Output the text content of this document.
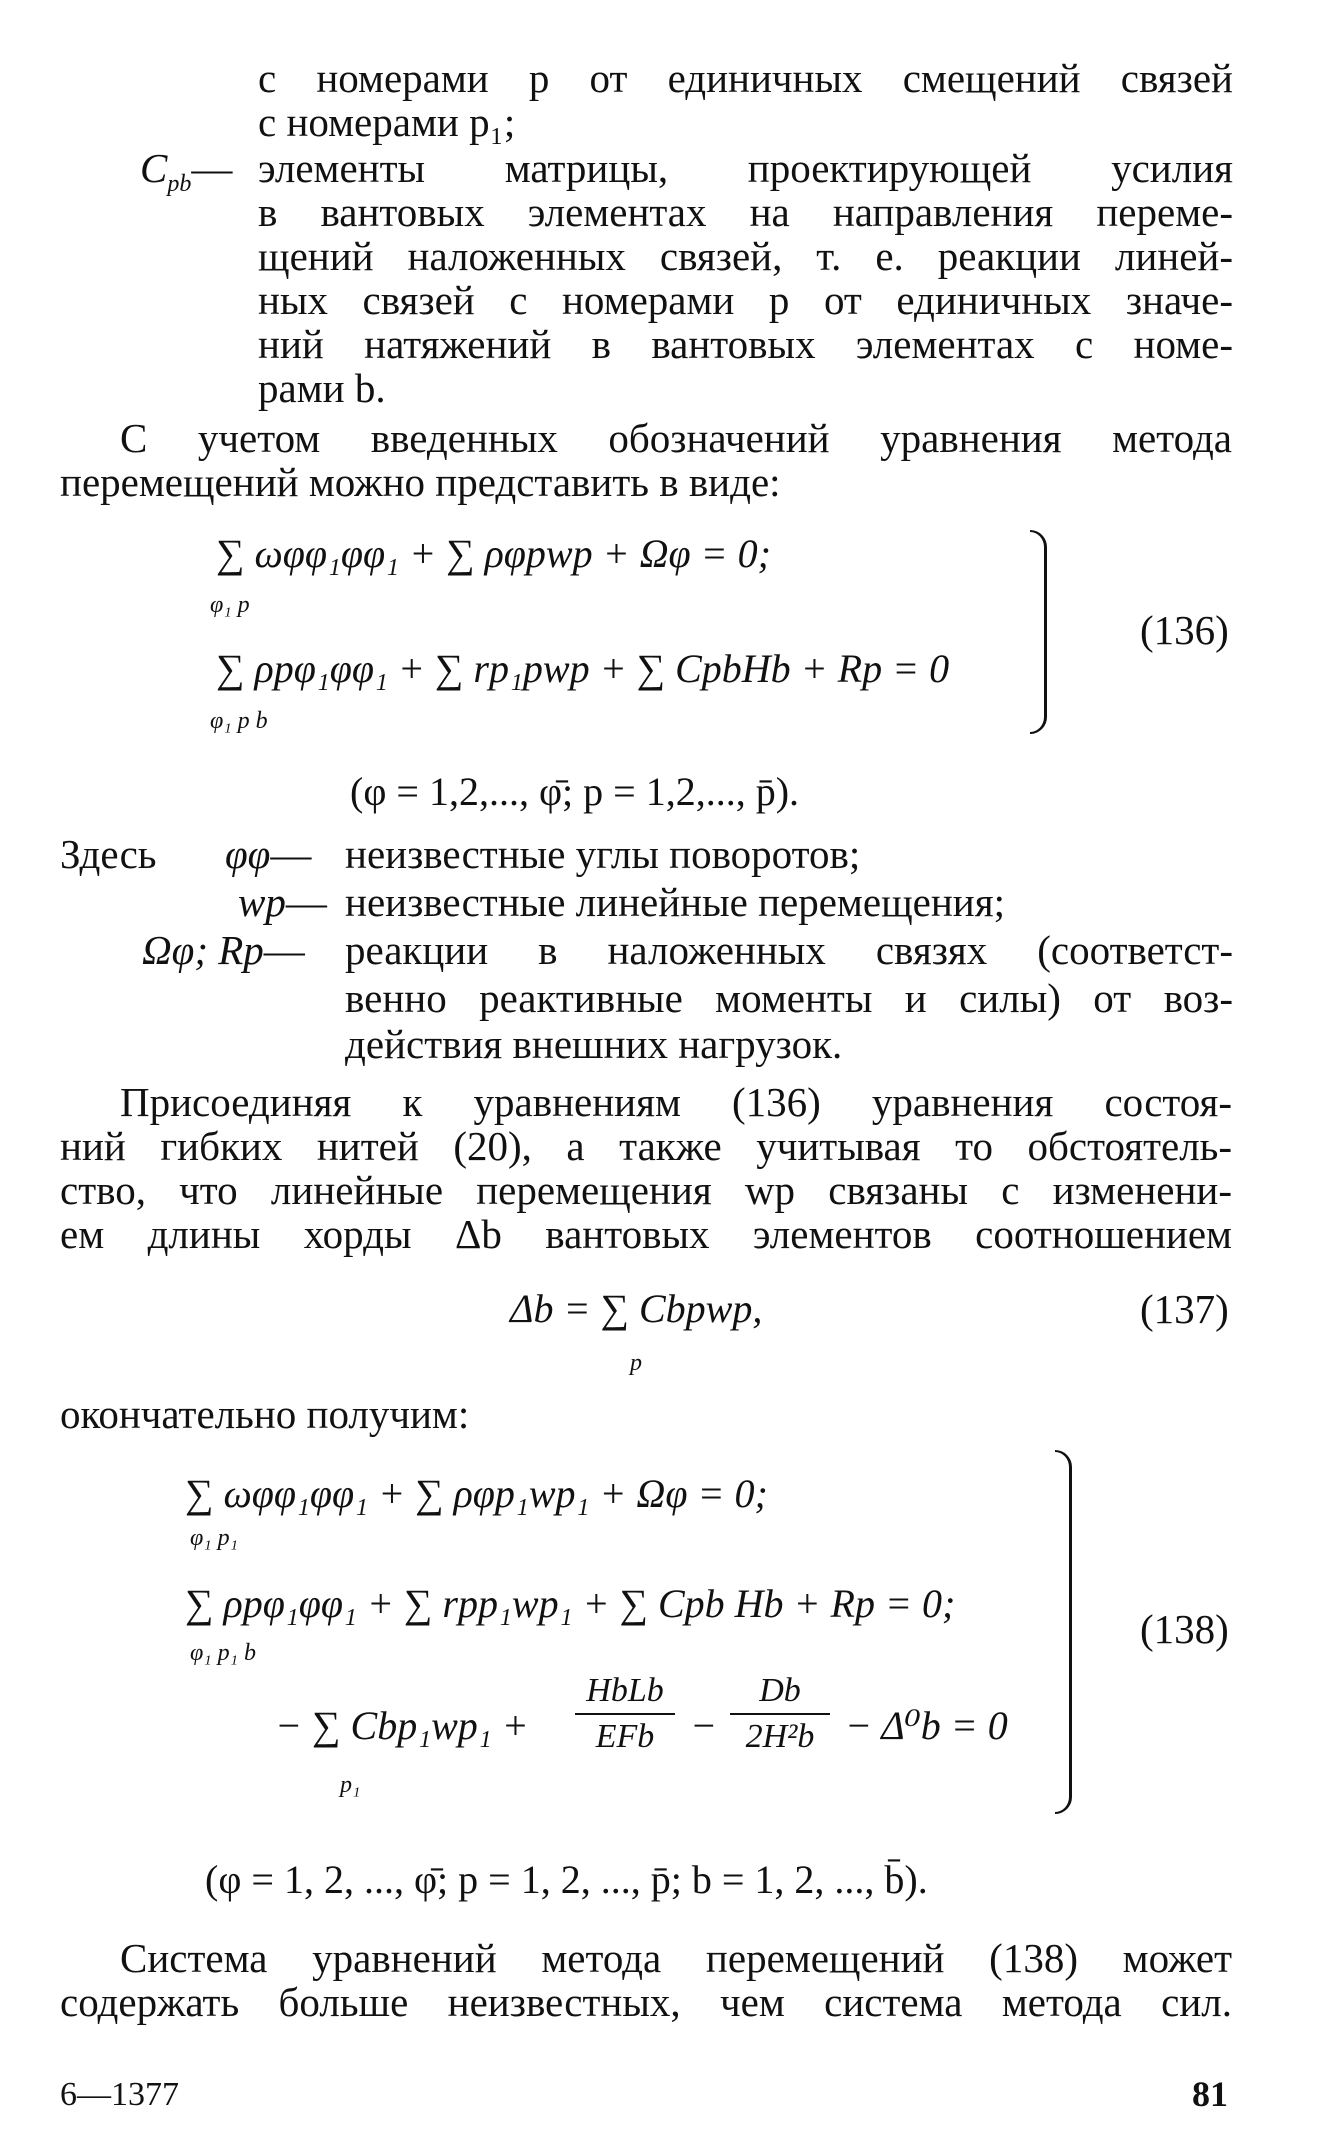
с номерами p от единичных смещений связей
с номерами p₁;
$C_{pb}—$ элементы матрицы, проектирующей усилия
в вантовых элементах на направления переме-
щений наложенных связей, т. е. реакции линей-
ных связей с номерами p от единичных значе-
ний натяжений в вантовых элементах с номе-
рами b.
С учетом введенных обозначений уравнения метода
перемещений можно представить в виде:
∑ ωφφ₁φφ₁ + ∑ ρφpwp + Ωφ = 0;
φ₁ p
∑ ρpφ₁φφ₁ + ∑ rp₁pwp + ∑ CpbHb + Rp = 0
φ₁ p b
(136)
(φ = 1,2,..., φ̄; p = 1,2,..., p̄).
Здесь φφ— неизвестные углы поворотов;
wp— неизвестные линейные перемещения;
Ωφ; Rp— реакции в наложенных связях (соответст-
венно реактивные моменты и силы) от воз-
действия внешних нагрузок.
Присоединяя к уравнениям (136) уравнения состоя-
ний гибких нитей (20), а также учитывая то обстоятель-
ство, что линейные перемещения wp связаны с изменени-
ем длины хорды Δb вантовых элементов соотношением
Δb = ∑ Cbpwp,
p
(137)
окончательно получим:
∑ ωφφ₁φφ₁ + ∑ ρφp₁wp₁ + Ωφ = 0;
φ₁ p₁
∑ ρpφ₁φφ₁ + ∑ rpp₁wp₁ + ∑ Cpb Hb + Rp = 0;
φ₁ p₁ b
− ∑ Cbp₁wp₁ +
p₁
HbLb
EFb −
Db
2H²b − Δ⁰b = 0
(138)
(φ = 1, 2, ..., φ̄; p = 1, 2, ..., p̄; b = 1, 2, ..., b̄).
Система уравнений метода перемещений (138) может
содержать больше неизвестных, чем система метода сил.
6—1377	81
